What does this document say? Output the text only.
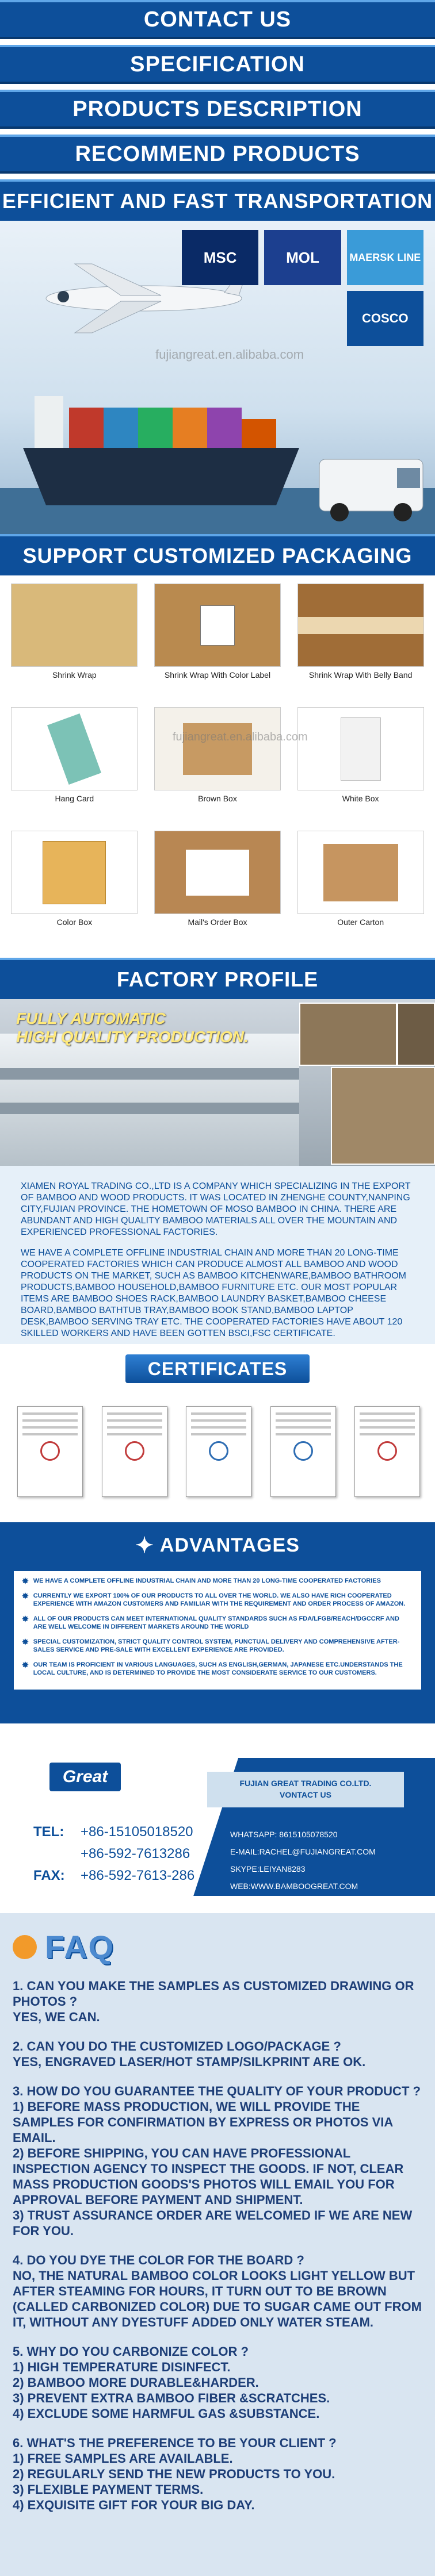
CONTACT US
SPECIFICATION
PRODUCTS DESCRIPTION
RECOMMEND PRODUCTS
EFFICIENT AND FAST TRANSPORTATION
MSC	MOL	MAERSK LINE
COSCO
fujiangreat.en.alibaba.com
SUPPORT CUSTOMIZED PACKAGING
Shrink Wrap	Shrink Wrap With Color Label	Shrink Wrap With Belly Band
Hang Card	Brown Box	White Box
Color Box	Mail's Order Box	Outer Carton
fujiangreat.en.alibaba.com
FACTORY PROFILE
FULLY AUTOMATIC
HIGH QUALITY PRODUCTION.

XIAMEN ROYAL TRADING CO.,LTD IS A COMPANY WHICH SPECIALIZING IN THE EXPORT OF BAMBOO AND WOOD PRODUCTS. IT WAS LOCATED IN ZHENGHE COUNTY,NANPING CITY,FUJIAN PROVINCE. THE HOMETOWN OF MOSO BAMBOO IN CHINA. THERE ARE ABUNDANT AND HIGH QUALITY BAMBOO MATERIALS ALL OVER THE MOUNTAIN AND EXPERIENCED PROFESSIONAL FACTORIES.

WE HAVE A COMPLETE OFFLINE INDUSTRIAL CHAIN AND MORE THAN 20 LONG-TIME COOPERATED FACTORIES WHICH CAN PRODUCE ALMOST ALL BAMBOO AND WOOD PRODUCTS ON THE MARKET, SUCH AS BAMBOO KITCHENWARE,BAMBOO BATHROOM PRODUCTS,BAMBOO HOUSEHOLD,BAMBOO FURNITURE ETC. OUR MOST POPULAR ITEMS ARE BAMBOO SHOES RACK,BAMBOO LAUNDRY BASKET,BAMBOO CHEESE BOARD,BAMBOO BATHTUB TRAY,BAMBOO BOOK STAND,BAMBOO LAPTOP DESK,BAMBOO SERVING TRAY ETC. THE COOPERATED FACTORIES HAVE ABOUT 120 SKILLED WORKERS AND HAVE BEEN GOTTEN BSCI,FSC CERTIFICATE.

CERTIFICATES
✦ ADVANTAGES
✸ WE HAVE A COMPLETE OFFLINE INDUSTRIAL CHAIN AND MORE THAN 20 LONG-TIME COOPERATED FACTORIES
✸ CURRENTLY WE EXPORT 100% OF OUR PRODUCTS TO ALL OVER THE WORLD. WE ALSO HAVE RICH COOPERATED EXPERIENCE WITH AMAZON CUSTOMERS AND FAMILIAR WITH THE REQUIREMENT AND ORDER PROCESS OF AMAZON.
✸ ALL OF OUR PRODUCTS CAN MEET INTERNATIONAL QUALITY STANDARDS SUCH AS FDA/LFGB/REACH/DGCCRF AND ARE WELL WELCOME IN DIFFERENT MARKETS AROUND THE WORLD
✸ SPECIAL CUSTOMIZATION, STRICT QUALITY CONTROL SYSTEM, PUNCTUAL DELIVERY AND COMPREHENSIVE AFTER-SALES SERVICE AND PRE-SALE WITH EXCELLENT EXPERIENCE ARE PROVIDED.
✸ OUR TEAM IS PROFICIENT IN VARIOUS LANGUAGES, SUCH AS ENGLISH,GERMAN, JAPANESE ETC.UNDERSTANDS THE LOCAL CULTURE, AND IS DETERMINED TO PROVIDE THE MOST CONSIDERATE SERVICE TO OUR CUSTOMERS.
Great	FUJIAN GREAT TRADING CO.LTD.
VONTACT US
TEL: +86-15105018520
+86-592-7613286
FAX: +86-592-7613-286
WHATSAPP: 8615105078520
E-MAIL:RACHEL@FUJIANGREAT.COM
SKYPE:LEIYAN8283
WEB:WWW.BAMBOOGREAT.COM
FAQ
1. CAN YOU MAKE THE SAMPLES AS CUSTOMIZED DRAWING OR PHOTOS ?
YES, WE CAN.
2. CAN YOU DO THE CUSTOMIZED LOGO/PACKAGE ?
YES, ENGRAVED LASER/HOT STAMP/SILKPRINT ARE OK.
3. HOW DO YOU GUARANTEE THE QUALITY OF YOUR PRODUCT ?
1) BEFORE MASS PRODUCTION, WE WILL PROVIDE THE SAMPLES FOR CONFIRMATION BY EXPRESS OR PHOTOS VIA EMAIL.
2) BEFORE SHIPPING, YOU CAN HAVE PROFESSIONAL INSPECTION AGENCY TO INSPECT THE GOODS. IF NOT, CLEAR MASS PRODUCTION GOODS'S PHOTOS WILL EMAIL YOU FOR APPROVAL BEFORE PAYMENT AND SHIPMENT.
3) TRUST ASSURANCE ORDER ARE WELCOMED IF WE ARE NEW FOR YOU.
4. DO YOU DYE THE COLOR FOR THE BOARD ?
NO, THE NATURAL BAMBOO COLOR LOOKS LIGHT YELLOW BUT AFTER STEAMING FOR HOURS, IT TURN OUT TO BE BROWN (CALLED CARBONIZED COLOR) DUE TO SUGAR CAME OUT FROM IT, WITHOUT ANY DYESTUFF ADDED ONLY WATER STEAM.
5. WHY DO YOU CARBONIZE COLOR ?
1) HIGH TEMPERATURE DISINFECT.
2) BAMBOO MORE DURABLE&HARDER.
3) PREVENT EXTRA BAMBOO FIBER &SCRATCHES.
4) EXCLUDE SOME HARMFUL GAS &SUBSTANCE.
6. WHAT'S THE PREFERENCE TO BE YOUR CLIENT ?
1) FREE SAMPLES ARE AVAILABLE.
2) REGULARLY SEND THE NEW PRODUCTS TO YOU.
3) FLEXIBLE PAYMENT TERMS.
4) EXQUISITE GIFT FOR YOUR BIG DAY.
